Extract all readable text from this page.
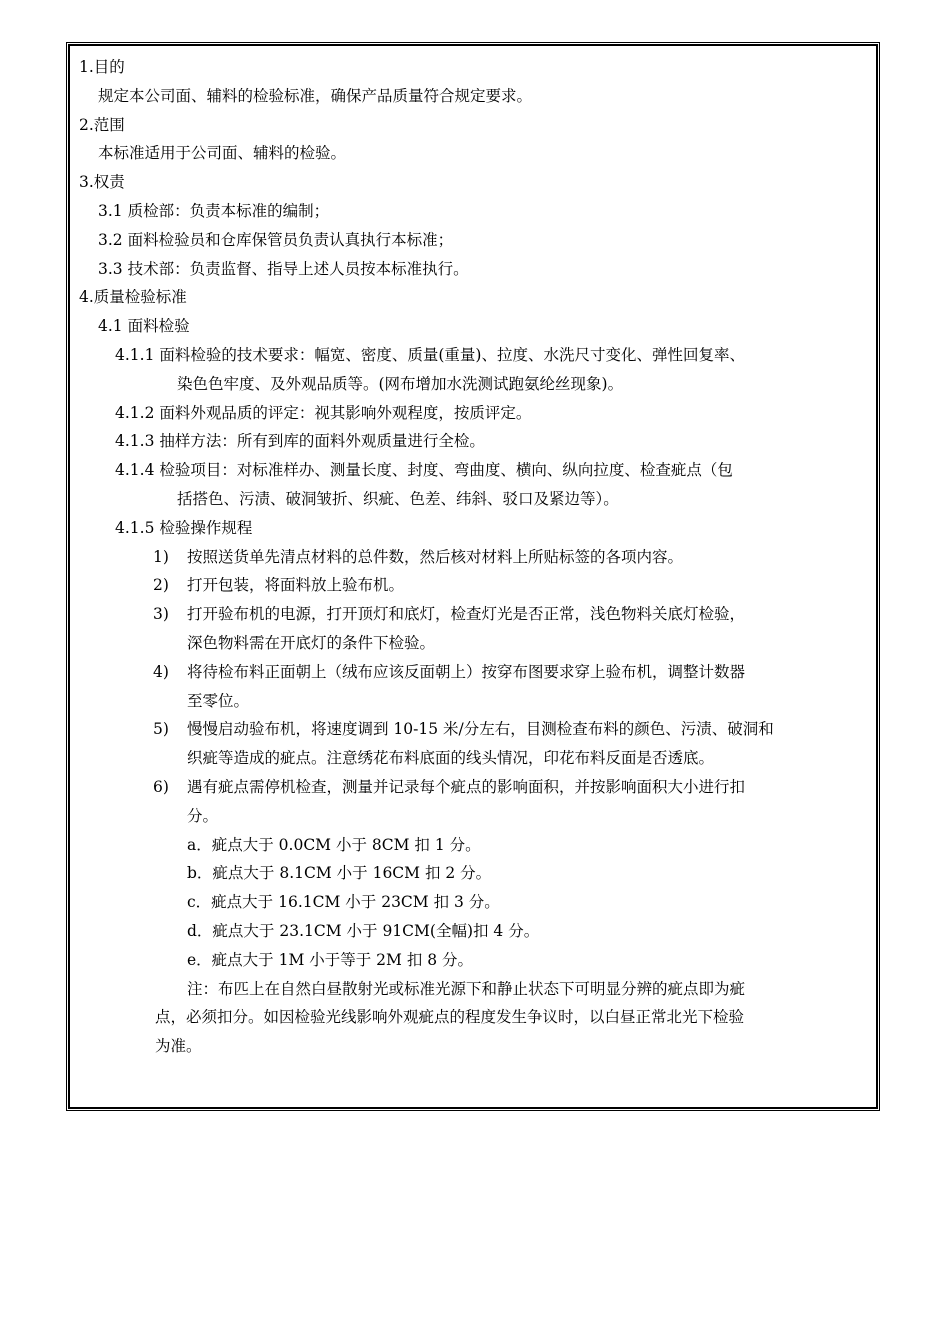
1.目的
规定本公司面、辅料的检验标准，确保产品质量符合规定要求。
2.范围
本标准适用于公司面、辅料的检验。
3.权责
3.1 质检部：负责本标准的编制；
3.2 面料检验员和仓库保管员负责认真执行本标准；
3.3 技术部：负责监督、指导上述人员按本标准执行。
4.质量检验标准
4.1 面料检验
4.1.1 面料检验的技术要求：幅宽、密度、质量(重量)、拉度、水洗尺寸变化、弹性回复率、
染色色牢度、及外观品质等。(网布增加水洗测试跑氨纶丝现象)。
4.1.2 面料外观品质的评定：视其影响外观程度，按质评定。
4.1.3 抽样方法：所有到库的面料外观质量进行全检。
4.1.4 检验项目：对标准样办、测量长度、封度、弯曲度、横向、纵向拉度、检查疵点（包
括搭色、污渍、破洞皱折、织疵、色差、纬斜、驳口及紧边等）。
4.1.5 检验操作规程
1) 按照送货单先清点材料的总件数，然后核对材料上所贴标签的各项内容。
2) 打开包装，将面料放上验布机。
3) 打开验布机的电源，打开顶灯和底灯，检查灯光是否正常，浅色物料关底灯检验，
深色物料需在开底灯的条件下检验。
4) 将待检布料正面朝上（绒布应该反面朝上）按穿布图要求穿上验布机，调整计数器
至零位。
5) 慢慢启动验布机，将速度调到 10-15 米/分左右，目测检查布料的颜色、污渍、破洞和
织疵等造成的疵点。注意绣花布料底面的线头情况，印花布料反面是否透底。
6) 遇有疵点需停机检查，测量并记录每个疵点的影响面积，并按影响面积大小进行扣
分。
a．疵点大于 0.0CM 小于 8CM 扣 1 分。
b．疵点大于 8.1CM 小于 16CM 扣 2 分。
c．疵点大于 16.1CM 小于 23CM 扣 3 分。
d．疵点大于 23.1CM 小于 91CM(全幅)扣 4 分。
e．疵点大于 1M 小于等于 2M 扣 8 分。
注：布匹上在自然白昼散射光或标准光源下和静止状态下可明显分辨的疵点即为疵
点，必须扣分。如因检验光线影响外观疵点的程度发生争议时，以白昼正常北光下检验
为准。
